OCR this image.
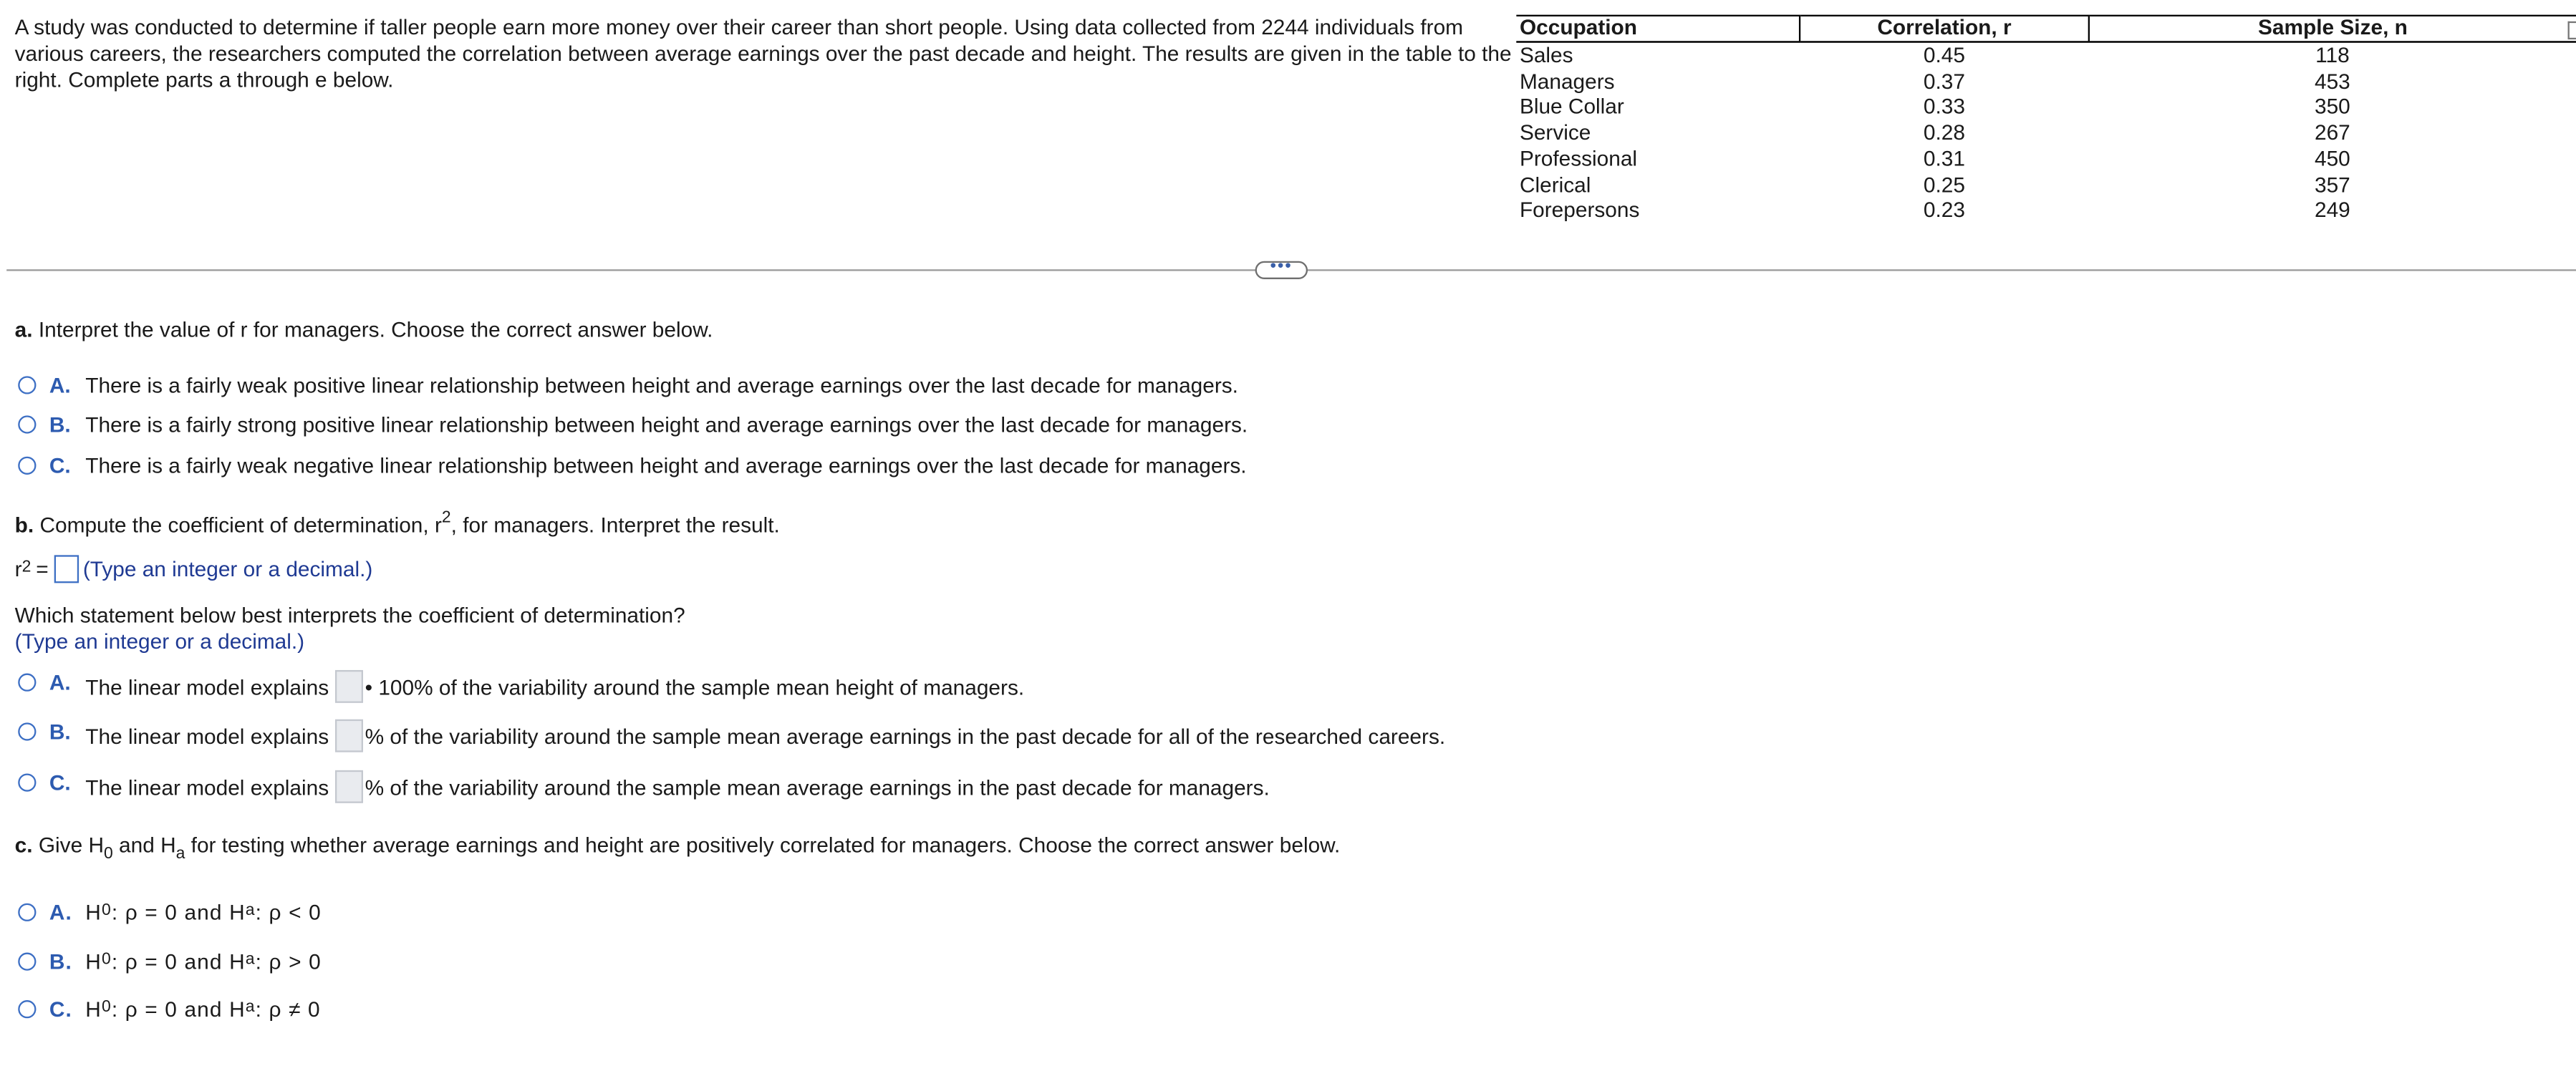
A study was conducted to determine if taller people earn more money over their career than short people. Using data collected from 2244 individuals from various careers, the researchers computed the correlation between average earnings over the past decade and height. The results are given in the table to the right. Complete parts a through e below.
Occupation	Correlation, r	Sample Size, n
Sales	0.45	118
Managers	0.37	453
Blue Collar	0.33	350
Service	0.28	267
Professional	0.31	450
Clerical	0.25	357
Forepersons	0.23	249
•••
a. Interpret the value of r for managers. Choose the correct answer below.
A.	There is a fairly weak positive linear relationship between height and average earnings over the last decade for managers.
B.	There is a fairly strong positive linear relationship between height and average earnings over the last decade for managers.
C.	There is a fairly weak negative linear relationship between height and average earnings over the last decade for managers.
b. Compute the coefficient of determination, $r^2$, for managers. Interpret the result.
$r^2$ =	(Type an integer or a decimal.)
Which statement below best interprets the coefficient of determination?
(Type an integer or a decimal.)
A.	The linear model explains	• 100% of the variability around the sample mean height of managers.
B.	The linear model explains	% of the variability around the sample mean average earnings in the past decade for all of the researched careers.
C.	The linear model explains	% of the variability around the sample mean average earnings in the past decade for managers.
c. Give $H_0$ and $H_a$ for testing whether average earnings and height are positively correlated for managers. Choose the correct answer below.
A.	H 0 : ρ = 0 and H a : ρ < 0
B.	H 0 : ρ = 0 and H a : ρ > 0
C.	H 0 : ρ = 0 and H a : ρ ≠ 0
